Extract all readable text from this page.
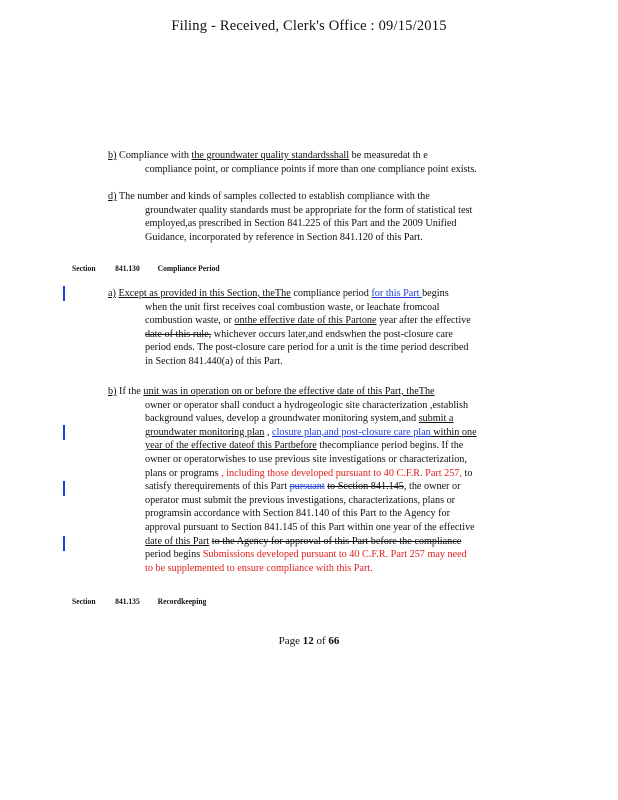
Filing - Received, Clerk's Office : 09/15/2015
b) Compliance with the groundwater quality standardsshall be measuredat th e
compliance point, or compliance points if more than one compliance point exists.
d) The number and kinds of samples collected to establish compliance with the
groundwater quality standards must be appropriate for the form of statistical test
employed,as prescribed in Section 841.225 of this Part and the 2009 Unified
Guidance, incorporated by reference in Section 841.120 of this Part.
Section 841.130 Compliance Period
a) Except as provided in this Section, theThe compliance period for this Part begins
when the unit first receives coal combustion waste, or leachate fromcoal
combustion waste, or onthe effective date of this Partone year after the effective
date of this rule, whichever occurs later,and endswhen the post-closure care
period ends. The post-closure care period for a unit is the time period described
in Section 841.440(a) of this Part.
b) If the unit was in operation on or before the effective date of this Part, theThe
owner or operator shall conduct a hydrogeologic site characterization ,establish
background values, develop a groundwater monitoring system,and submit a
groundwater monitoring plan , closure plan,and post-closure care plan within one
year of the effective dateof this Partbefore thecompliance period begins. If the
owner or operatorwishes to use previous site investigations or characterization,
plans or programs , including those developed pursuant to 40 C.F.R. Part 257, to
satisfy therequirements of this Part pursuant to Section 841.145, the owner or
operator must submit the previous investigations, characterizations, plans or
programsin accordance with Section 841.140 of this Part to the Agency for
approval pursuant to Section 841.145 of this Part within one year of the effective
date of this Part to the Agency for approval of this Part before the compliance
period begins Submissions developed pursuant to 40 C.F.R. Part 257 may need
to be supplemented to ensure compliance with this Part.
Section 841.135 Recordkeeping
Page 12 of 66
